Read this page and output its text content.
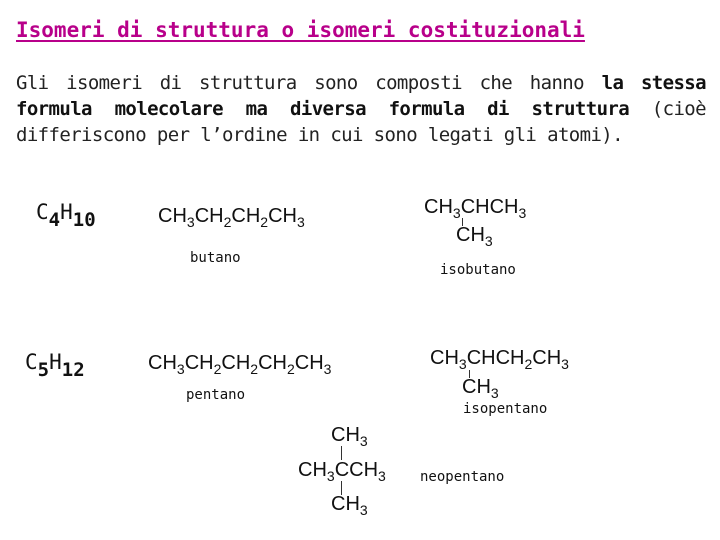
Isomeri di struttura o isomeri costituzionali
Gli isomeri di struttura sono composti che hanno la stessa formula molecolare ma diversa formula di struttura (cioè differiscono per l’ordine in cui sono legati gli atomi).
$C_4H_{10}$	$CH_3CH_2CH_2CH_3$
butano
$CH_3CHCH_3$
$CH_3$
isobutano
$C_5H_{12}$	$CH_3CH_2CH_2CH_2CH_3$
pentano
$CH_3CHCH_2CH_3$
$CH_3$
isopentano
$CH_3$
$CH_3CCH_3$
$CH_3$
neopentano
